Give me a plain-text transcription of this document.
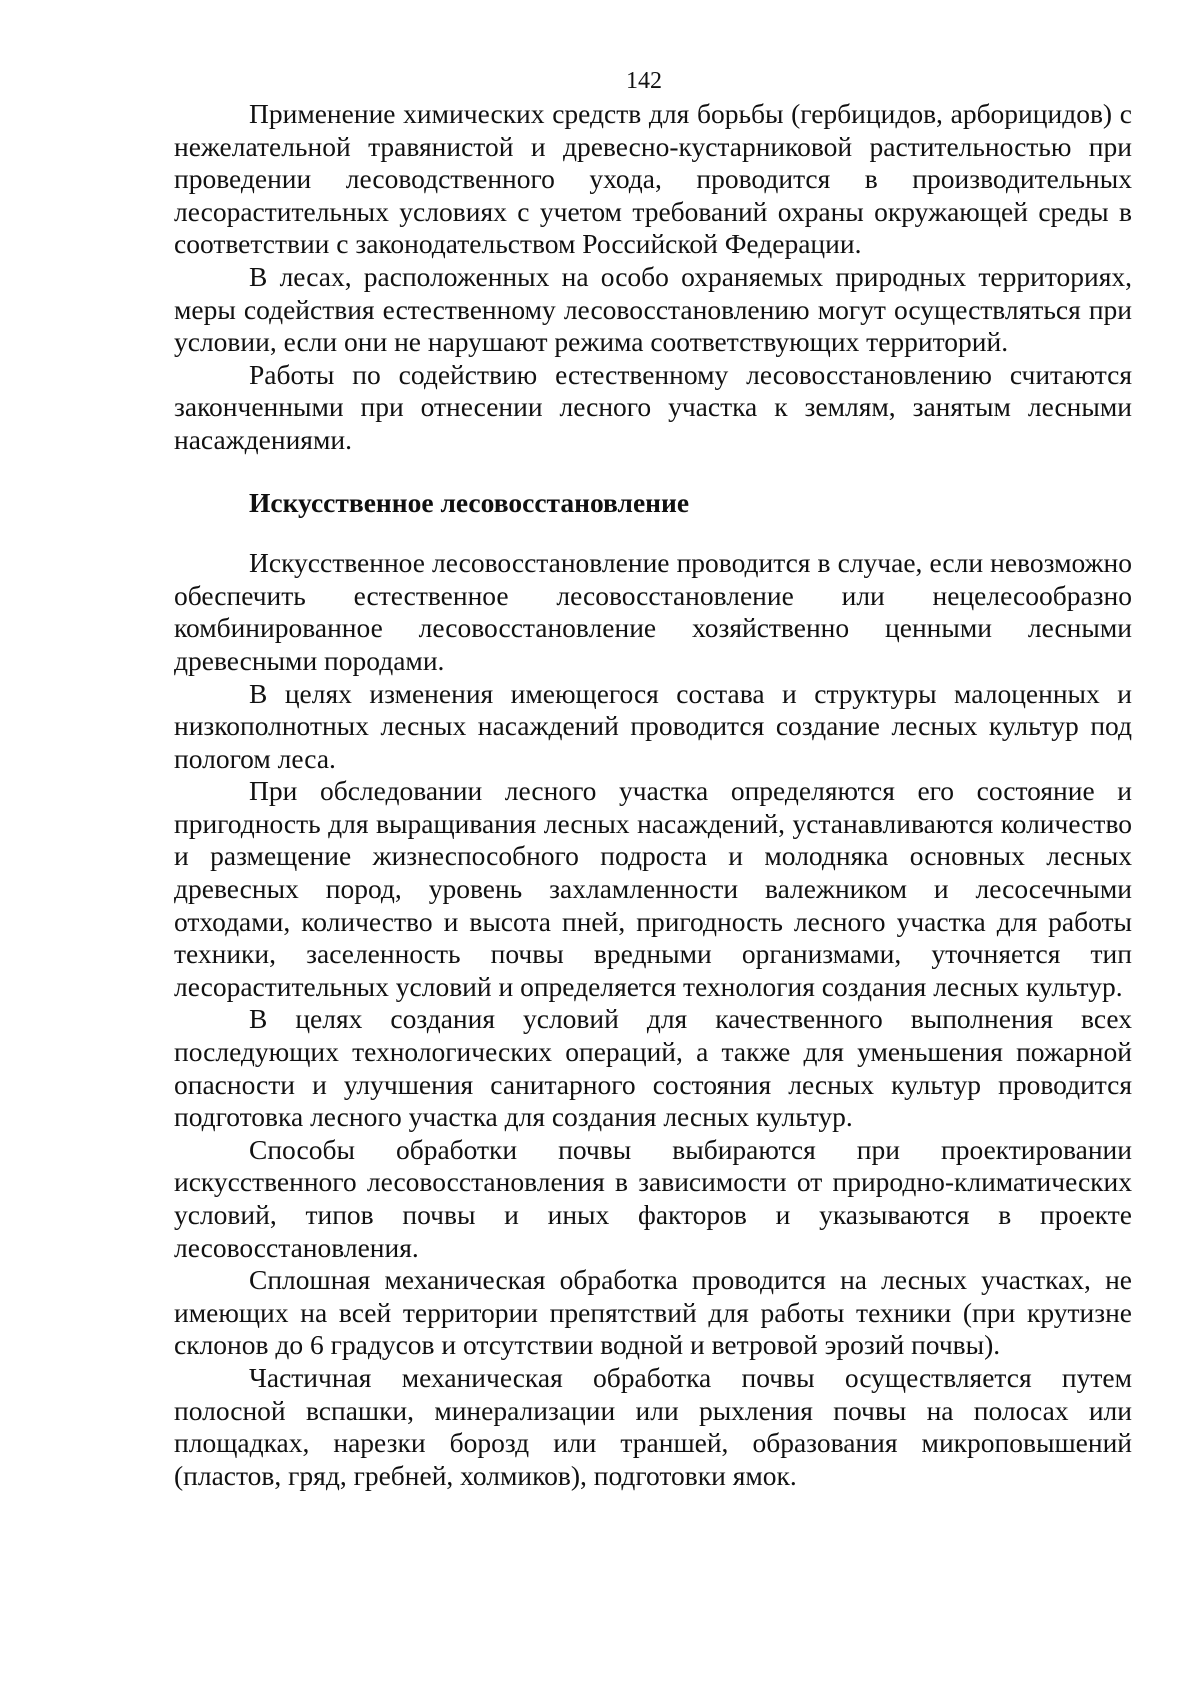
142

Применение химических средств для борьбы (гербицидов, арборицидов) с нежелательной травянистой и древесно-кустарниковой растительностью при проведении лесоводственного ухода, проводится в производительных лесорастительных условиях с учетом требований охраны окружающей среды в соответствии с законодательством Российской Федерации.

В лесах, расположенных на особо охраняемых природных территориях, меры содействия естественному лесовосстановлению могут осуществляться при условии, если они не нарушают режима соответствующих территорий.

Работы по содействию естественному лесовосстановлению считаются законченными при отнесении лесного участка к землям, занятым лесными насаждениями.

Искусственное лесовосстановление

Искусственное лесовосстановление проводится в случае, если невозможно обеспечить естественное лесовосстановление или нецелесообразно комбинированное лесовосстановление хозяйственно ценными лесными древесными породами.

В целях изменения имеющегося состава и структуры малоценных и низкополнотных лесных насаждений проводится создание лесных культур под пологом леса.

При обследовании лесного участка определяются его состояние и пригодность для выращивания лесных насаждений, устанавливаются количество и размещение жизнеспособного подроста и молодняка основных лесных древесных пород, уровень захламленности валежником и лесосечными отходами, количество и высота пней, пригодность лесного участка для работы техники, заселенность почвы вредными организмами, уточняется тип лесорастительных условий и определяется технология создания лесных культур.

В целях создания условий для качественного выполнения всех последующих технологических операций, а также для уменьшения пожарной опасности и улучшения санитарного состояния лесных культур проводится подготовка лесного участка для создания лесных культур.

Способы обработки почвы выбираются при проектировании искусственного лесовосстановления в зависимости от природно-климатических условий, типов почвы и иных факторов и указываются в проекте лесовосстановления.

Сплошная механическая обработка проводится на лесных участках, не имеющих на всей территории препятствий для работы техники (при крутизне склонов до 6 градусов и отсутствии водной и ветровой эрозий почвы).

Частичная механическая обработка почвы осуществляется путем полосной вспашки, минерализации или рыхления почвы на полосах или площадках, нарезки борозд или траншей, образования микроповышений (пластов, гряд, гребней, холмиков), подготовки ямок.
